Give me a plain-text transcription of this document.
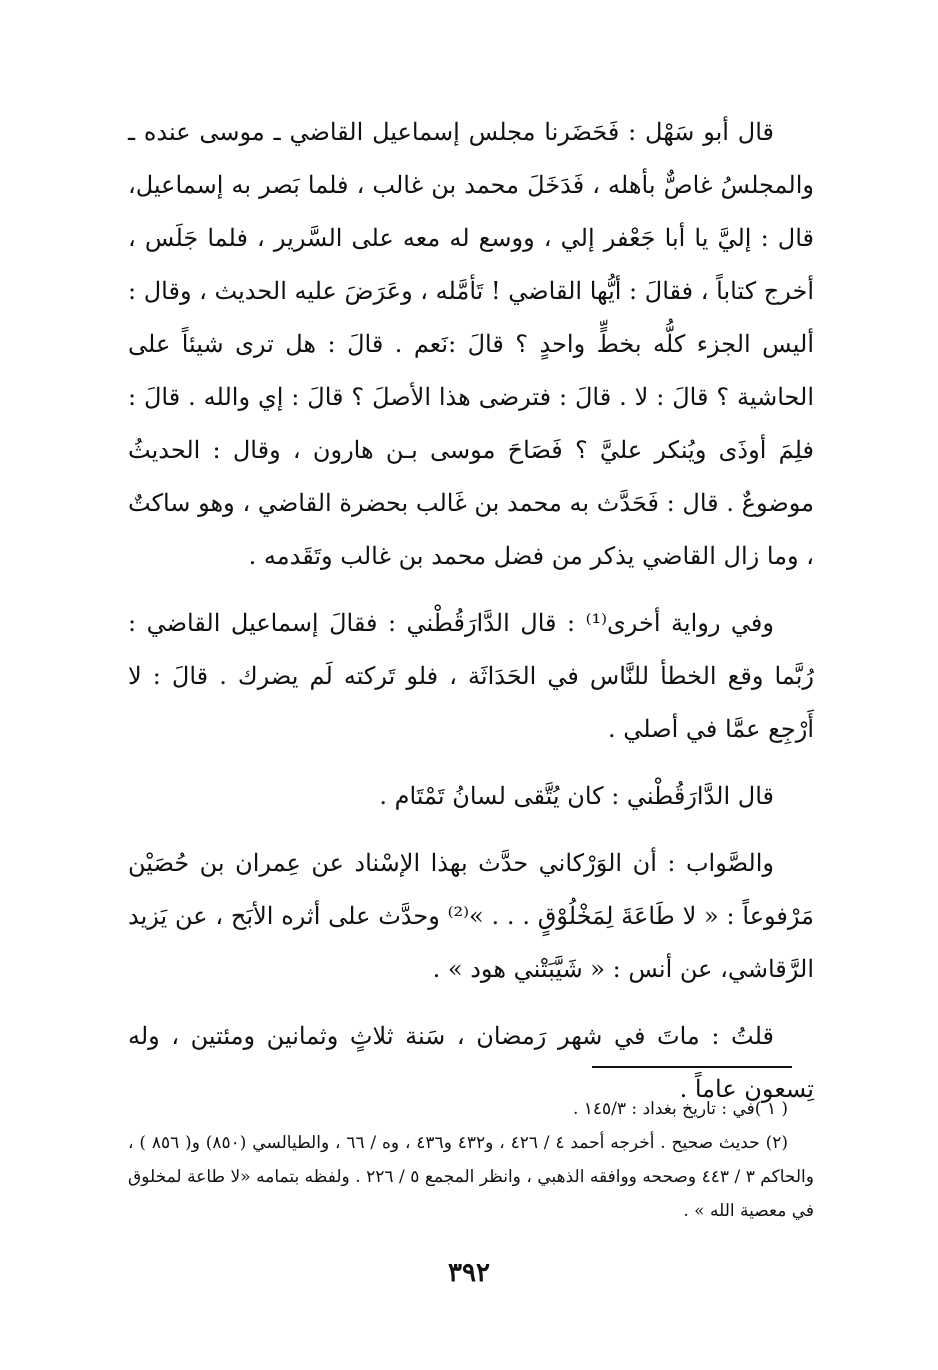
قال أبو سَهْل : فَحَضَرنا مجلس إسماعيل القاضي ـ موسى عنده ـ والمجلسُ غاصٌّ بأهله ، فَدَخَلَ محمد بن غالب ، فلما بَصر به إسماعيل، قال : إليَّ يا أبا جَعْفر إلي ، ووسع له معه على السَّرير ، فلما جَلَس ، أخرج كتاباً ، فقالَ : أيُّها القاضي ! تَأمَّله ، وعَرَضَ عليه الحديث ، وقال : أليس الجزء كلُّه بخطٍّ واحدٍ ؟ قالَ :نَعم . قالَ : هل ترى شيئاً على الحاشية ؟ قالَ : لا . قالَ : فترضى هذا الأصلَ ؟ قالَ : إي والله . قالَ : فلِمَ أوذَى ويُنكر عليَّ ؟ فَصَاحَ موسى بـن هارون ، وقال : الحديثُ موضوعٌ . قال : فَحَدَّث به محمد بن غَالب بحضرة القاضي ، وهو ساكتٌ ، وما زال القاضي يذكر من فضل محمد بن غالب وتَقَدمه .

وفي رواية أخرى⁽¹⁾ : قال الدَّارَقُطْني : فقالَ إسماعيل القاضي : رُبَّما وقع الخطأ للنَّاس في الحَدَاثَة ، فلو تَركته لَم يضرك . قالَ : لا أَرْجِع عمَّا في أصلي .

قال الدَّارَقُطْني : كان يُتَّقى لسانُ تَمْتَام .

والصَّواب : أن الوَرْكاني حدَّث بهذا الإسْناد عن عِمران بن حُصَيْن مَرْفوعاً : « لا طَاعَةَ لِمَخْلُوْقٍ . . . »⁽²⁾ وحدَّث على أثره الأبَح ، عن يَزيد الرَّقاشي، عن أنس : « شَيَّبَتْني هود » .

قلتُ : ماتَ في شهر رَمضان ، سَنة ثلاثٍ وثمانين ومئتين ، وله تِسعون عاماً .

( ١ )في : تاريخ بغداد : ١٤٥/٣ .

(٢) حديث صحيح . أخرجه أحمد ٤ / ٤٢٦ ، و٤٣٢ و٤٣٦ ، وه / ٦٦ ، والطيالسي (٨٥٠) و( ٨٥٦ ) ، والحاكم ٣ / ٤٤٣ وصححه ووافقه الذهبي ، وانظر المجمع ٥ / ٢٢٦ . ولفظه بتمامه «لا طاعة لمخلوق في معصية الله » .

٣٩٢
